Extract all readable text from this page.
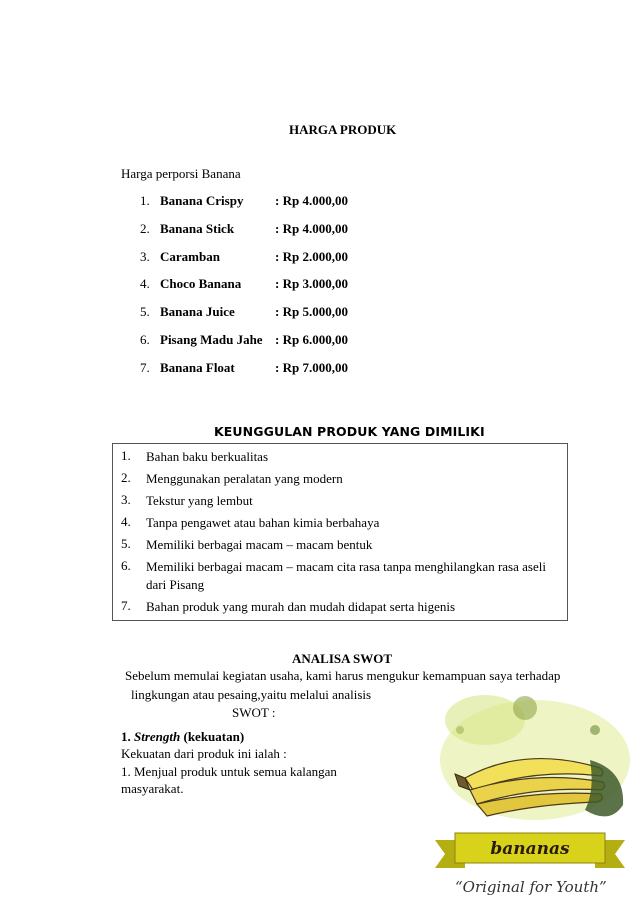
HARGA PRODUK
Harga perporsi Banana
1. Banana Crispy : Rp 4.000,00
2. Banana Stick	: Rp 4.000,00
3. Caramban	: Rp 2.000,00
4. Choco Banana	: Rp 3.000,00
5. Banana Juice	: Rp 5.000,00
6. Pisang Madu Jahe : Rp 6.000,00
7. Banana Float	: Rp 7.000,00
KEUNGGULAN PRODUK YANG DIMILIKI
1. Bahan baku berkualitas
2. Menggunakan peralatan yang modern
3. Tekstur yang lembut
4. Tanpa pengawet atau bahan kimia berbahaya
5. Memiliki berbagai macam – macam bentuk
6. Memiliki berbagai macam – macam cita rasa tanpa menghilangkan rasa aseli dari Pisang
7. Bahan produk yang murah dan mudah didapat serta higenis
ANALISA SWOT
Sebelum memulai kegiatan usaha, kami harus mengukur kemampuan saya terhadap
lingkungan atau pesaing,yaitu melalui analisis
SWOT :
1. Strength (kekuatan)
Kekuatan dari produk ini ialah :
1. Menjual produk untuk semua kalangan
masyarakat.
bananas
“Original for Youth”
